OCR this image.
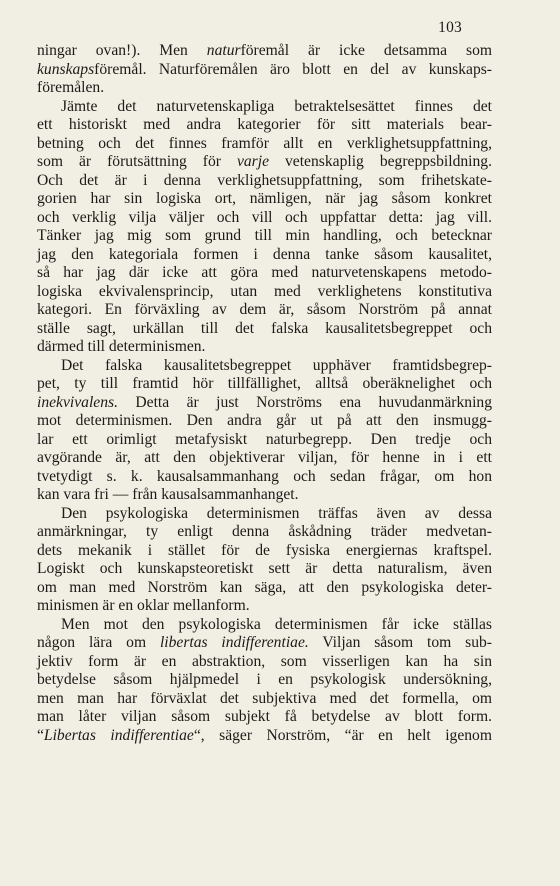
103
ningar ovan!). Men naturföremål är icke detsamma som
kunskapsföremål. Naturföremålen äro blott en del av kunskaps-
föremålen.
Jämte det naturvetenskapliga betraktelsesättet finnes det
ett historiskt med andra kategorier för sitt materials bear-
betning och det finnes framför allt en verklighetsuppfattning,
som är förutsättning för varje vetenskaplig begreppsbildning.
Och det är i denna verklighetsuppfattning, som frihetskate-
gorien har sin logiska ort, nämligen, när jag såsom konkret
och verklig vilja väljer och vill och uppfattar detta: jag vill.
Tänker jag mig som grund till min handling, och betecknar
jag den kategoriala formen i denna tanke såsom kausalitet,
så har jag där icke att göra med naturvetenskapens metodo-
logiska ekvivalensprincip, utan med verklighetens konstitutiva
kategori. En förväxling av dem är, såsom Norström på annat
ställe sagt, urkällan till det falska kausalitetsbegreppet och
därmed till determinismen.
Det falska kausalitetsbegreppet upphäver framtidsbegrep-
pet, ty till framtid hör tillfällighet, alltså oberäknelighet och
inekvivalens. Detta är just Norströms ena huvudanmärkning
mot determinismen. Den andra går ut på att den insmugg-
lar ett orimligt metafysiskt naturbegrepp. Den tredje och
avgörande är, att den objektiverar viljan, för henne in i ett
tvetydigt s. k. kausalsammanhang och sedan frågar, om hon
kan vara fri — från kausalsammanhanget.
Den psykologiska determinismen träffas även av dessa
anmärkningar, ty enligt denna åskådning träder medvetan-
dets mekanik i stället för de fysiska energiernas kraftspel.
Logiskt och kunskapsteoretiskt sett är detta naturalism, även
om man med Norström kan säga, att den psykologiska deter-
minismen är en oklar mellanform.
Men mot den psykologiska determinismen får icke ställas
någon lära om libertas indifferentiae. Viljan såsom tom sub-
jektiv form är en abstraktion, som visserligen kan ha sin
betydelse såsom hjälpmedel i en psykologisk undersökning,
men man har förväxlat det subjektiva med det formella, om
man låter viljan såsom subjekt få betydelse av blott form.
“Libertas indifferentiae“, säger Norström, “är en helt igenom
